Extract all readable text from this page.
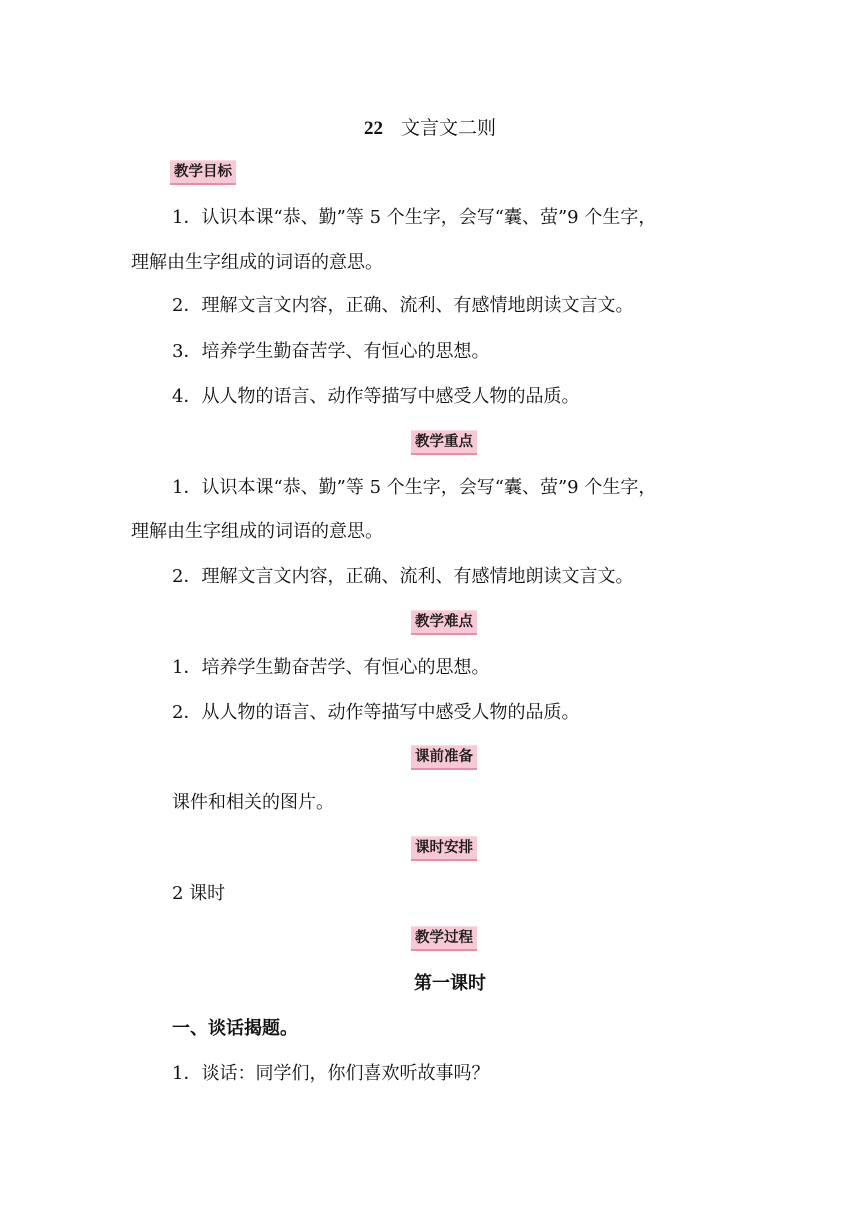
22 文言文二则
教学目标
1．认识本课“恭、勤”等 5 个生字，会写“囊、萤”9 个生字，
理解由生字组成的词语的意思。
2．理解文言文内容，正确、流利、有感情地朗读文言文。
3．培养学生勤奋苦学、有恒心的思想。
4．从人物的语言、动作等描写中感受人物的品质。
教学重点
1．认识本课“恭、勤”等 5 个生字，会写“囊、萤”9 个生字，
理解由生字组成的词语的意思。
2．理解文言文内容，正确、流利、有感情地朗读文言文。
教学难点
1．培养学生勤奋苦学、有恒心的思想。
2．从人物的语言、动作等描写中感受人物的品质。
课前准备
课件和相关的图片。
课时安排
2 课时
教学过程
第一课时
一、谈话揭题。
1．谈话：同学们，你们喜欢听故事吗？
